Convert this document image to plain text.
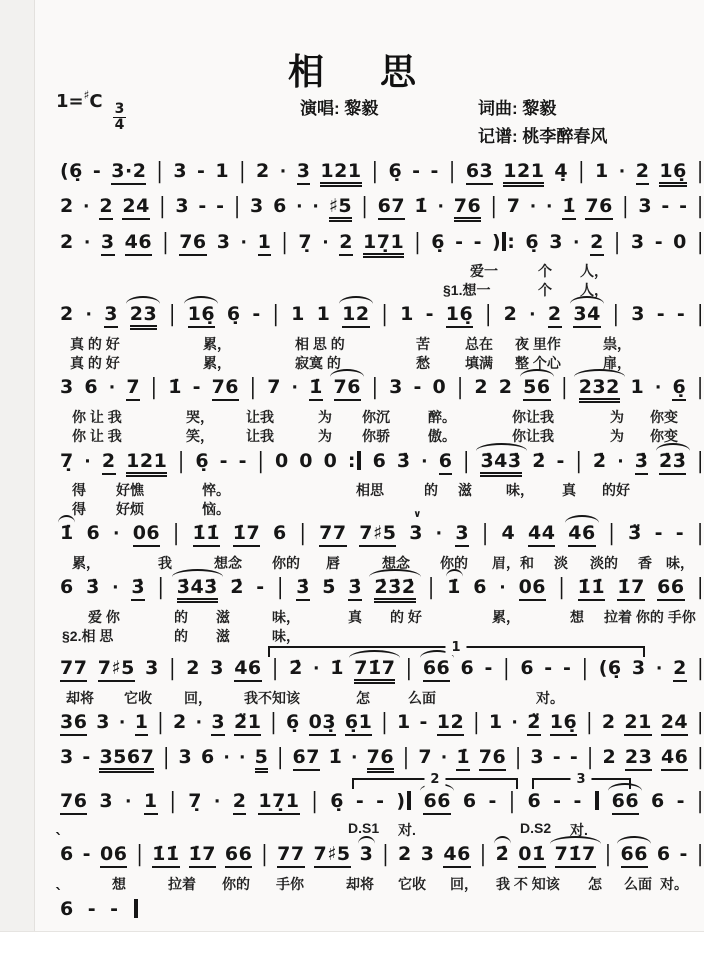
相思
1=♯C
$\frac{3}{4}$	演唱: 黎毅	词曲: 黎毅
记谱: 桃李醉春风
(6̣ - 3·2 | 3 - 1 | 2 · 3 121 | 6̣ - - | 63 121 4̣ | 1 · 2 16̣ |
2 · 2 24 | 3 - - | 3 6 · · ♯5 | 67 1̇ · 76 | 7 · · 1̇ 76 | 3 - - |
2 · 3 46 | 76 3 · 1 | 7̣ · 2 17̣1 | 6̣ - - ) : 6̣ 3 · 2 | 3 - 0 |
爱一	个 人，
§1.想一	个 人，
2 · 3 23 | 16̣ 6̣ - | 1 1 12 | 1 - 16̣ | 2 · 2 34 | 3 - - |
真 的 好	累，	相 思 的	苦	总在 夜 里作	祟，
真 的 好	累，	寂寞 的	愁	填满 整 个心	扉，
3 6 · 7 | 1̇ - 76 | 7 · 1̇ 76 | 3 - 0 | 2 2 56 | 232 1 · 6̣ |
你 让 我	哭， 让我	为 你沉	醉。	你让我	为 你变
你 让 我	笑， 让我	为 你骄	傲。	你让我	为 你变
7̣ · 2 121 | 6̣ - - | 0 0 0 : 6 3̇ · 6 | 3̇43̇ 2̇ - | 2̇ · 3̇ 2̇3̇ |
得 好憔	悴。	相思	的 滋 味， 真 的好
得 好烦	恼。
1̇ 6 · 06 | 1̇1̇ 1̇7 6 | 77 7♯5 ∨ 3 · 3 | 4 44 46 | 3̈ - - |
累，	我	想念 你的 唇	想念 你的 眉，和 淡 淡的 香 味，
6 3̇ · 3̇ | 3̇43̇ 2̇ - | 3̇ 5̇ 3̇ 2̇3̇2̇ | 1̇ 6 · 06 | 1̇1̇ 1̇7 66 |
爱 你	的 滋	味，	真 的 好	累，	想 拉着 你的 手你
§2.相 思	的 滋	味，
77 7♯5 3 | 2 3 46 | 2̇ · 1̇ 71̇7 | 66 6 - | 6 - - | (6̣ 3 · 2 |
1
却将 它收 回， 我不知该	怎	么面	对。
36 3 · 1 | 2 · 3 2̈1 | 6̣ 03̣ 6̣1 | 1 - 12 | 1 · 2̈ 16̣ | 2 21 24 |
3 - 3567 | 3 6 · · 5 | 67 1̇ · 76 | 7 · 1̇ 76 | 3 - - | 2 23 46 |
76 3 · 1 | 7̣ · 2 17̣1 | 6̣ - - ) 66 6 - | 6 - - 66 6 - |
2	3
D.S1 对.	D.S2 对.
ˋ 6 - 06 | 1̇1̇ 1̇7 66 | 77 7♯5 3 | 2 3 46 | 2̇ 01̇ 71̇7 | 66 6 - |
想	拉着 你的 手你	却将 它收 回， 我 不 知该 怎 么面 对。
ˋ 6 - -
